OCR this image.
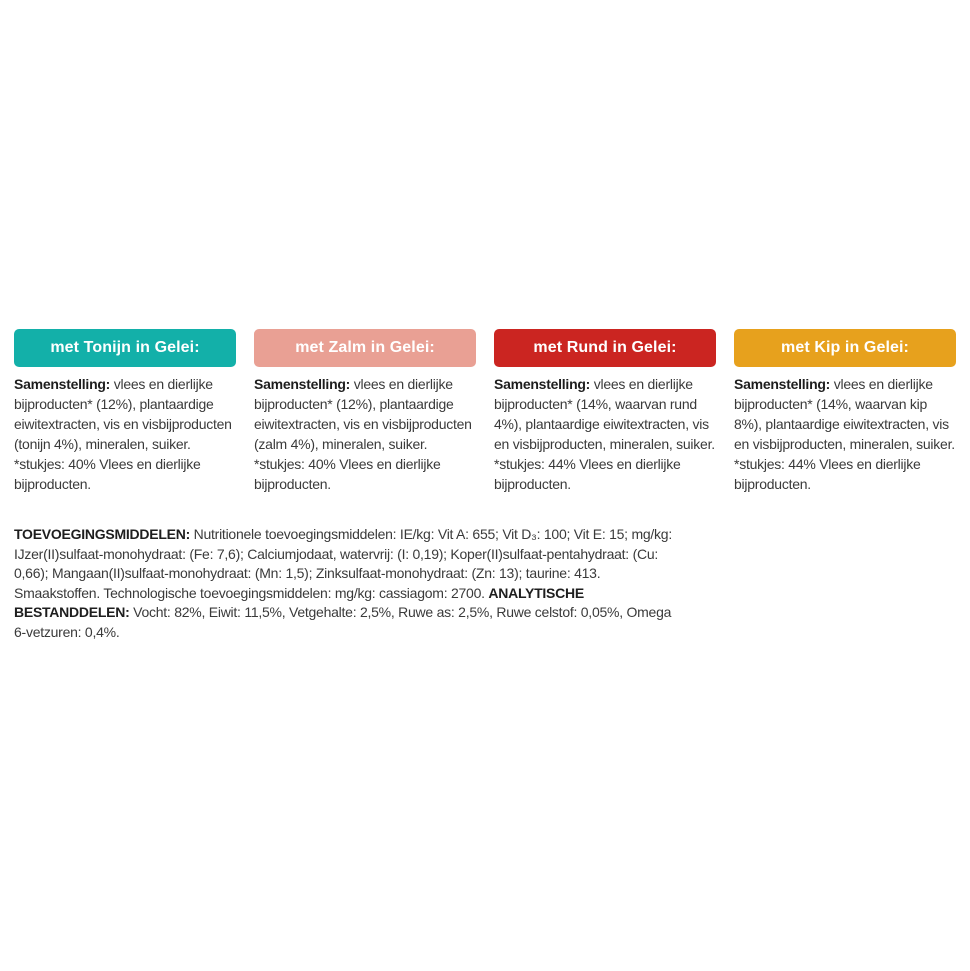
met Tonijn in Gelei:
Samenstelling: vlees en dierlijke bijproducten* (12%), plantaardige eiwitextracten, vis en visbijproducten (tonijn 4%), mineralen, suiker. *stukjes: 40% Vlees en dierlijke bijproducten.
met Zalm in Gelei:
Samenstelling: vlees en dierlijke bijproducten* (12%), plantaardige eiwitextracten, vis en visbijproducten (zalm 4%), mineralen, suiker. *stukjes: 40% Vlees en dierlijke bijproducten.
met Rund in Gelei:
Samenstelling: vlees en dierlijke bijproducten* (14%, waarvan rund 4%), plantaardige eiwitextracten, vis en visbijproducten, mineralen, suiker. *stukjes: 44% Vlees en dierlijke bijproducten.
met Kip in Gelei:
Samenstelling: vlees en dierlijke bijproducten* (14%, waarvan kip 8%), plantaardige eiwitextracten, vis en visbijproducten, mineralen, suiker. *stukjes: 44% Vlees en dierlijke bijproducten.
TOEVOEGINGSMIDDELEN: Nutritionele toevoegingsmiddelen: IE/kg: Vit A: 655; Vit D₃: 100; Vit E: 15; mg/kg: IJzer(II)sulfaat-monohydraat: (Fe: 7,6); Calciumjodaat, watervrij: (I: 0,19); Koper(II)sulfaat-pentahydraat: (Cu: 0,66); Mangaan(II)sulfaat-monohydraat: (Mn: 1,5); Zinksulfaat-monohydraat: (Zn: 13); taurine: 413. Smaakstoffen. Technologische toevoegingsmiddelen: mg/kg: cassiagom: 2700. ANALYTISCHE BESTANDDELEN: Vocht: 82%, Eiwit: 11,5%, Vetgehalte: 2,5%, Ruwe as: 2,5%, Ruwe celstof: 0,05%, Omega 6-vetzuren: 0,4%.
